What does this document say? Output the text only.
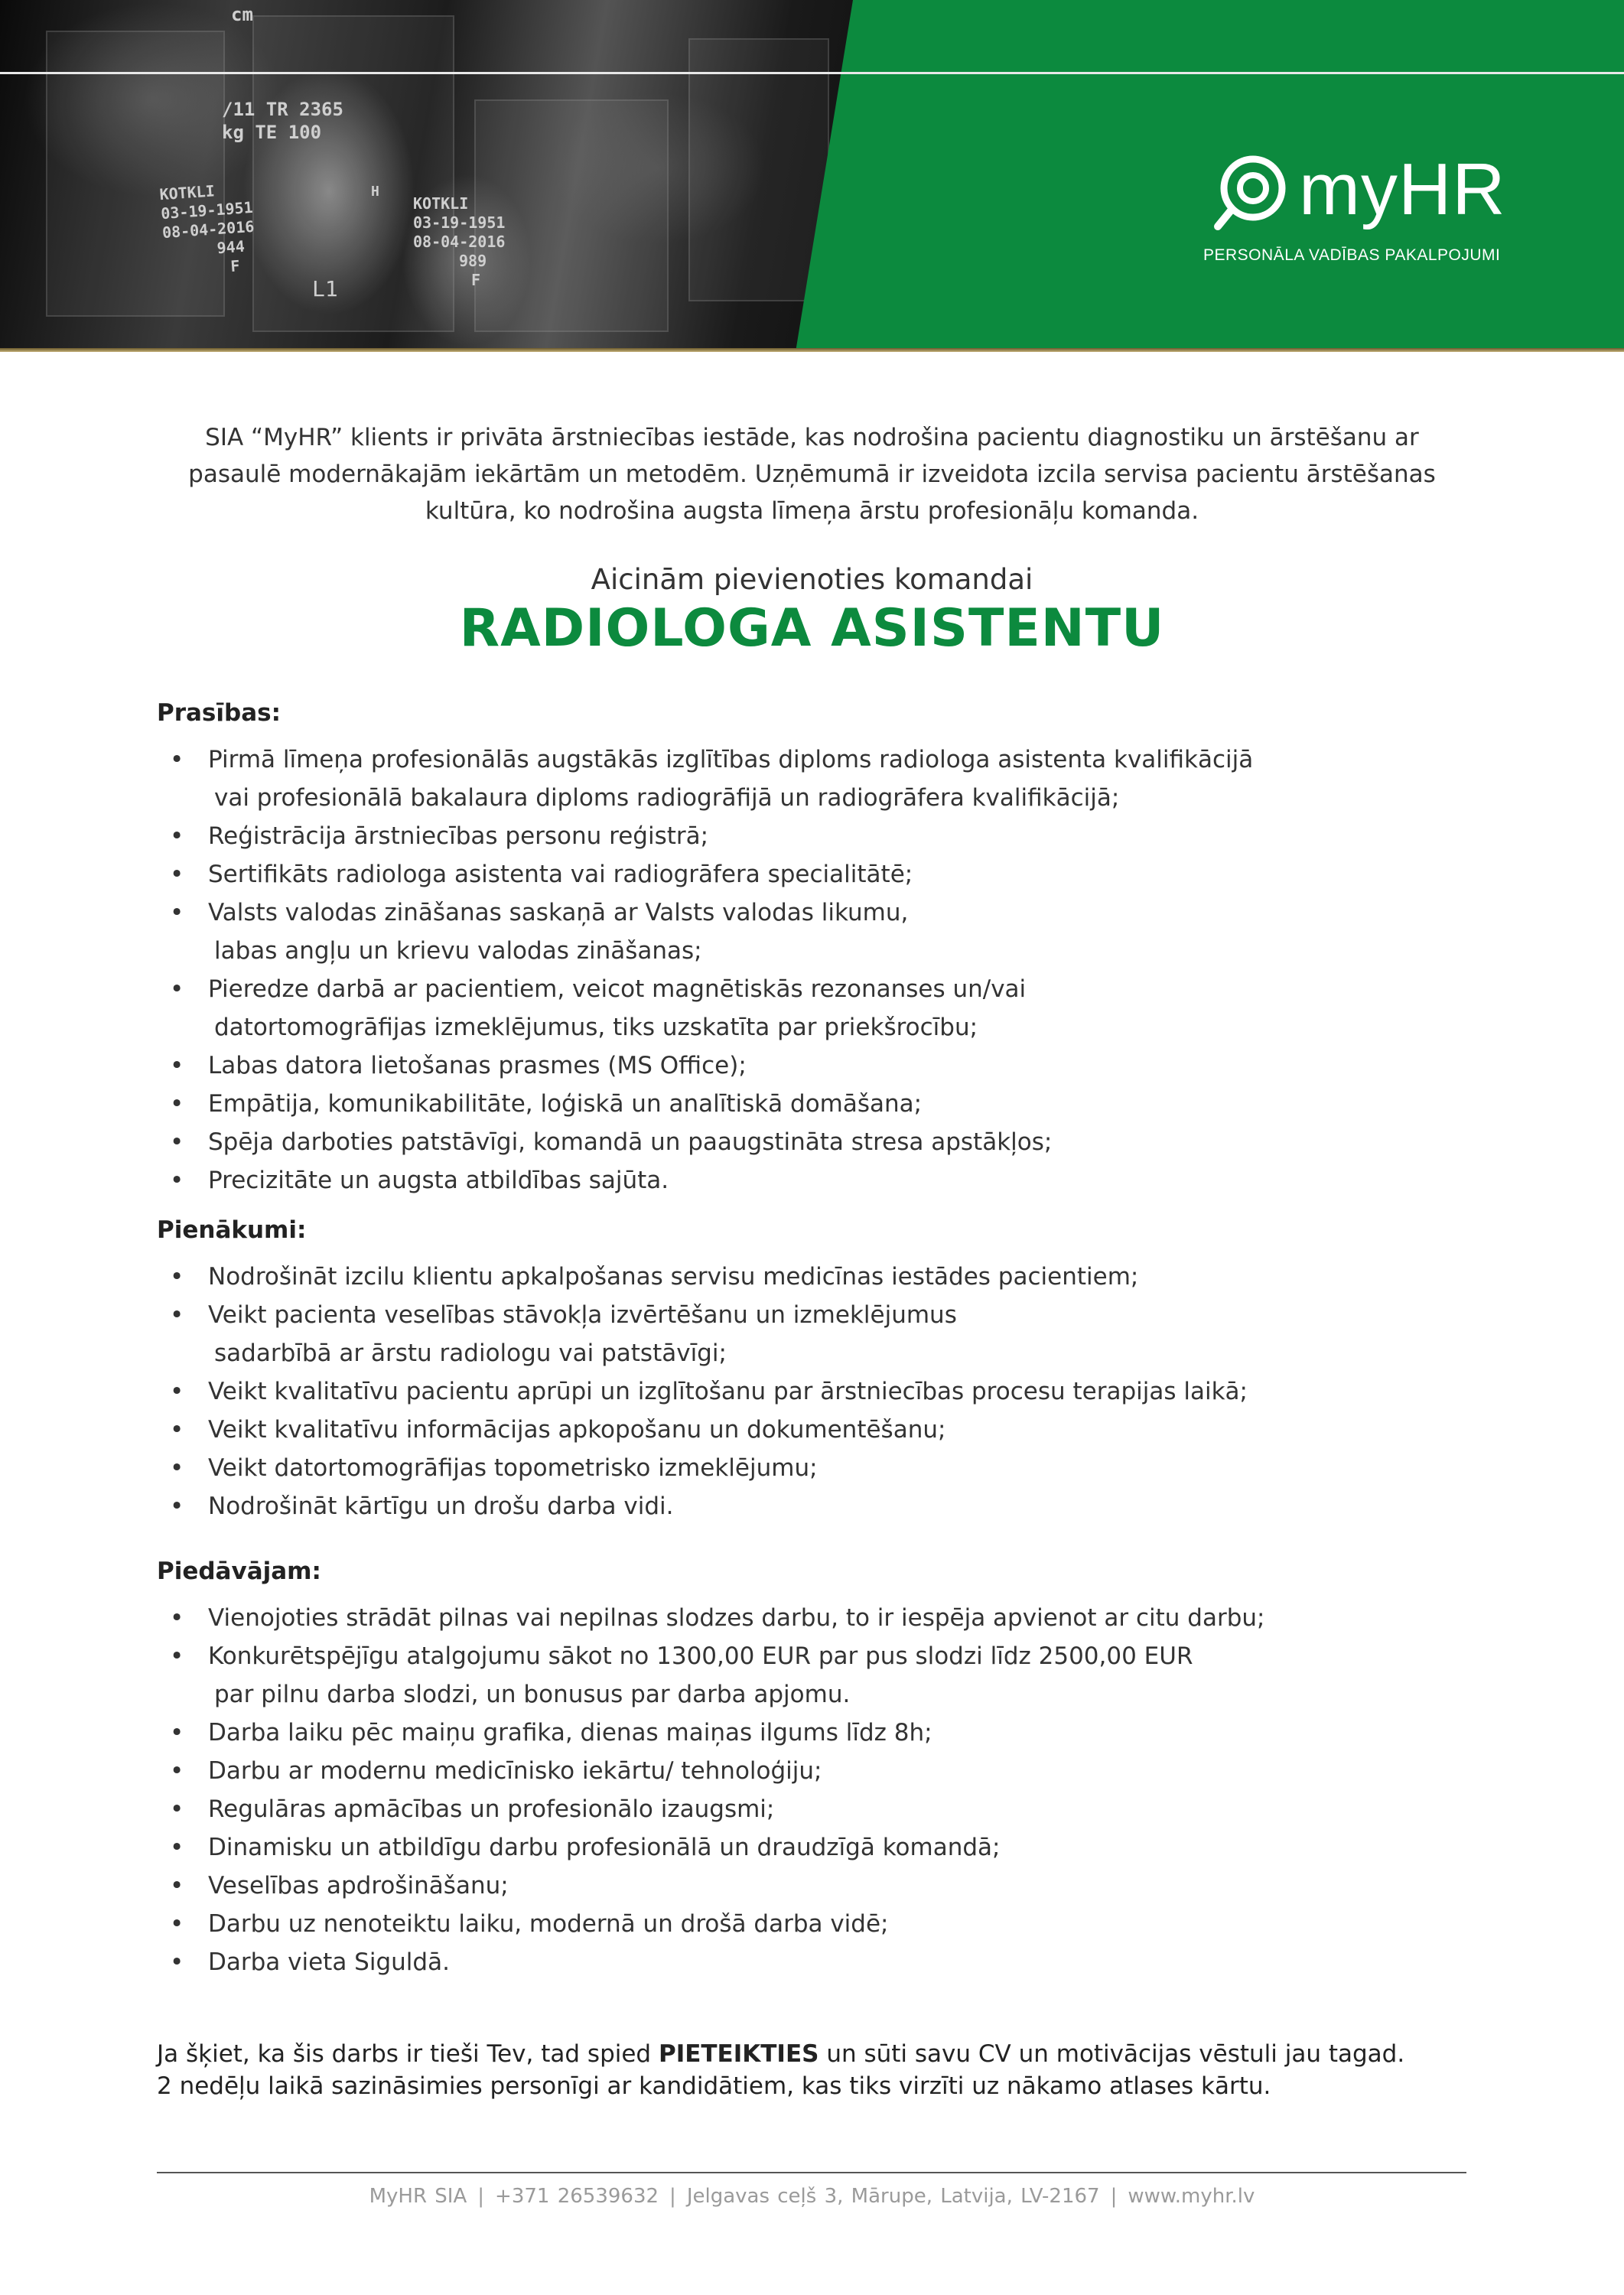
cm
/11 TR 2365
kg TE 100
KOTKLI
03-19-1951
08-04-2016
944
F
KOTKLI
03-19-1951
08-04-2016
989
F
L1
H	myHR
PERSONĀLA VADĪBAS PAKALPOJUMI
SIA “MyHR” klients ir privāta ārstniecības iestāde, kas nodrošina pacientu diagnostiku un ārstēšanu ar
pasaulē modernākajām iekārtām un metodēm. Uzņēmumā ir izveidota izcila servisa pacientu ārstēšanas
kultūra, ko nodrošina augsta līmeņa ārstu profesionāļu komanda.
Aicinām pievienoties komandai
RADIOLOGA ASISTENTU
Prasības:
• Pirmā līmeņa profesionālās augstākās izglītības diploms radiologa asistenta kvalifikācijā
vai profesionālā bakalaura diploms radiogrāfijā un radiogrāfera kvalifikācijā;
• Reģistrācija ārstniecības personu reģistrā;
• Sertifikāts radiologa asistenta vai radiogrāfera specialitātē;
• Valsts valodas zināšanas saskaņā ar Valsts valodas likumu,
labas angļu un krievu valodas zināšanas;
• Pieredze darbā ar pacientiem, veicot magnētiskās rezonanses un/vai
datortomogrāfijas izmeklējumus, tiks uzskatīta par priekšrocību;
• Labas datora lietošanas prasmes (MS Office);
• Empātija, komunikabilitāte, loģiskā un analītiskā domāšana;
• Spēja darboties patstāvīgi, komandā un paaugstināta stresa apstākļos;
• Precizitāte un augsta atbildības sajūta.
Pienākumi:
• Nodrošināt izcilu klientu apkalpošanas servisu medicīnas iestādes pacientiem;
• Veikt pacienta veselības stāvokļa izvērtēšanu un izmeklējumus
sadarbībā ar ārstu radiologu vai patstāvīgi;
• Veikt kvalitatīvu pacientu aprūpi un izglītošanu par ārstniecības procesu terapijas laikā;
• Veikt kvalitatīvu informācijas apkopošanu un dokumentēšanu;
• Veikt datortomogrāfijas topometrisko izmeklējumu;
• Nodrošināt kārtīgu un drošu darba vidi.
Piedāvājam:
• Vienojoties strādāt pilnas vai nepilnas slodzes darbu, to ir iespēja apvienot ar citu darbu;
• Konkurētspējīgu atalgojumu sākot no 1300,00 EUR par pus slodzi līdz 2500,00 EUR
par pilnu darba slodzi, un bonusus par darba apjomu.
• Darba laiku pēc maiņu grafika, dienas maiņas ilgums līdz 8h;
• Darbu ar modernu medicīnisko iekārtu/ tehnoloģiju;
• Regulāras apmācības un profesionālo izaugsmi;
• Dinamisku un atbildīgu darbu profesionālā un draudzīgā komandā;
• Veselības apdrošināšanu;
• Darbu uz nenoteiktu laiku, modernā un drošā darba vidē;
• Darba vieta Siguldā.
Ja šķiet, ka šis darbs ir tieši Tev, tad spied PIETEIKTIES un sūti savu CV un motivācijas vēstuli jau tagad.
2 nedēļu laikā sazināsimies personīgi ar kandidātiem, kas tiks virzīti uz nākamo atlases kārtu.
MyHR SIA | +371 26539632 | Jelgavas ceļš 3, Mārupe, Latvija, LV-2167 | www.myhr.lv
